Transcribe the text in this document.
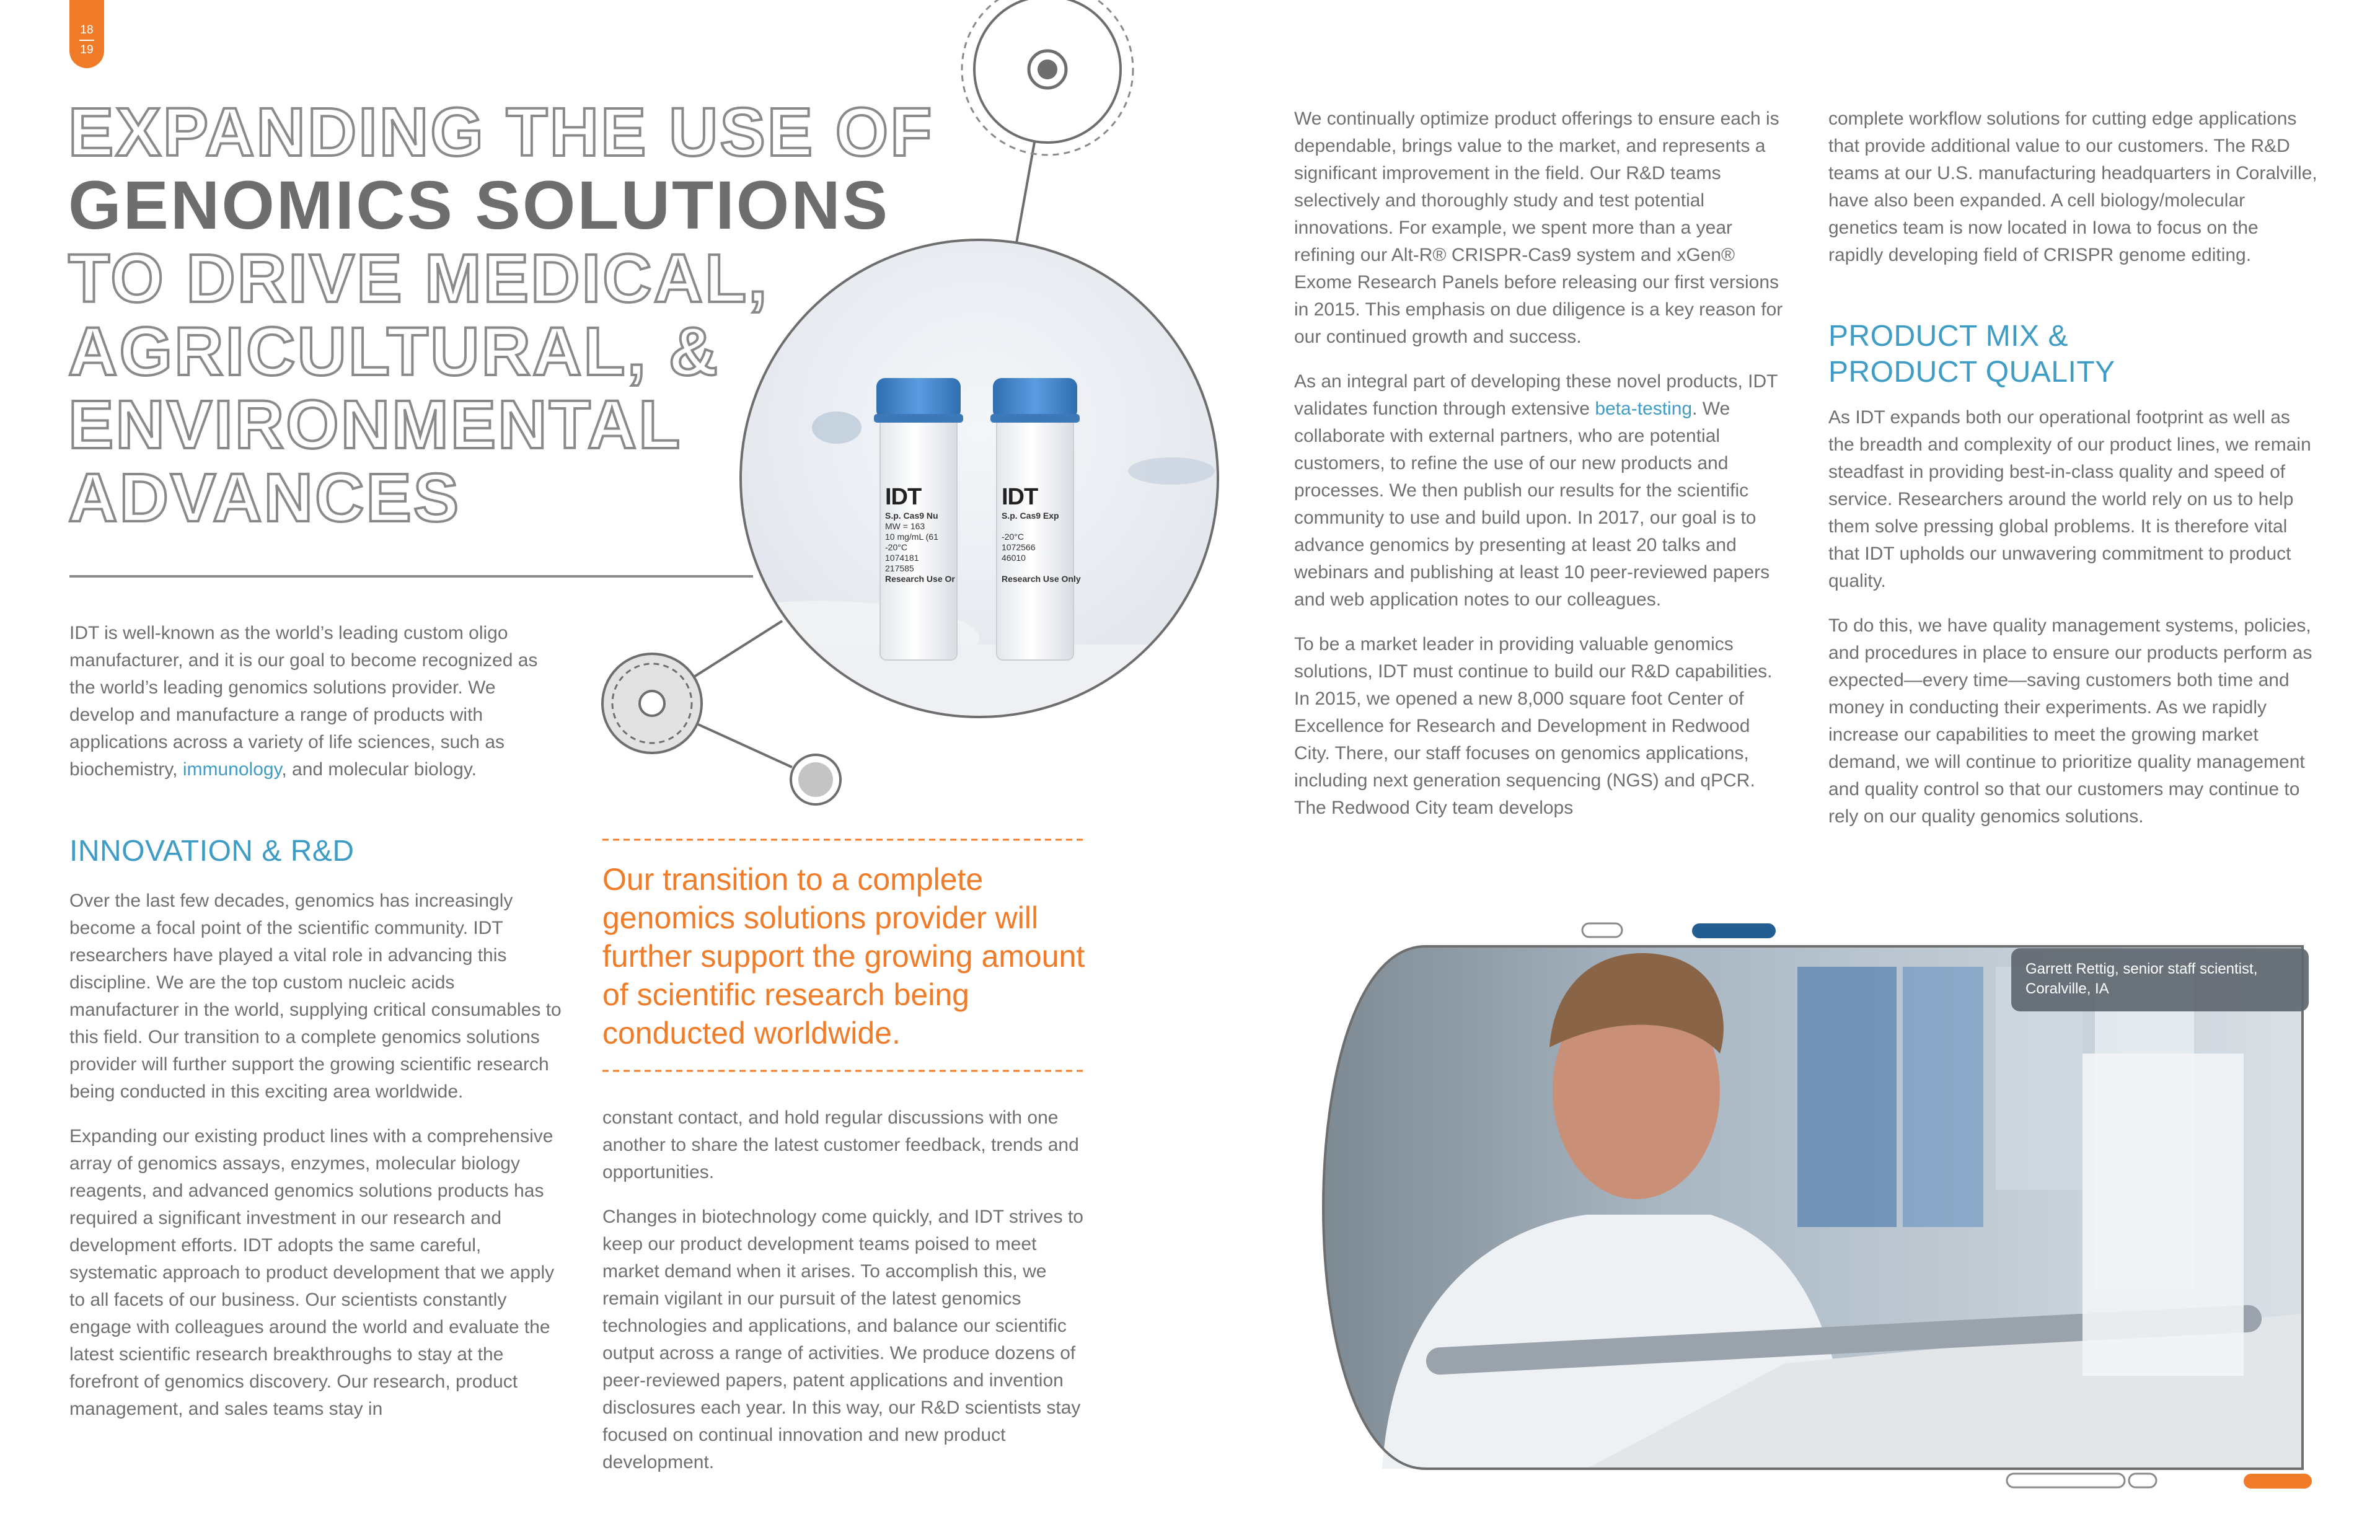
18
19
EXPANDING THE USE OF
GENOMICS SOLUTIONS
TO DRIVE MEDICAL,
AGRICULTURAL, &
ENVIRONMENTAL
ADVANCES	IDT
S.p. Cas9 Nu
MW = 163
10 mg/mL (61
-20°C
1074181
217585
Research Use Or
IDT
S.p. Cas9 Exp
-20°C
1072566
46010
Research Use Only

IDT is well-known as the world’s leading custom oligo manufacturer, and it is our goal to become recognized as the world’s leading genomics solutions provider. We develop and manufacture a range of products with applications across a variety of life sciences, such as biochemistry, immunology, and molecular biology.

INNOVATION & R&D

Over the last few decades, genomics has increasingly become a focal point of the scientific community. IDT researchers have played a vital role in advancing this discipline. We are the top custom nucleic acids manufacturer in the world, supplying critical consumables to this field. Our transition to a complete genomics solutions provider will further support the growing scientific research being conducted in this exciting area worldwide.

Expanding our existing product lines with a comprehensive array of genomics assays, enzymes, molecular biology reagents, and advanced genomics solutions products has required a significant investment in our research and development efforts. IDT adopts the same careful, systematic approach to product development that we apply to all facets of our business. Our scientists constantly engage with colleagues around the world and evaluate the latest scientific research breakthroughs to stay at the forefront of genomics discovery. Our research, product management, and sales teams stay in

Our transition to a complete genomics solutions provider will further support the growing amount of scientific research being conducted worldwide.

constant contact, and hold regular discussions with one another to share the latest customer feedback, trends and opportunities.

Changes in biotechnology come quickly, and IDT strives to keep our product development teams poised to meet market demand when it arises. To accomplish this, we remain vigilant in our pursuit of the latest genomics technologies and applications, and balance our scientific output across a range of activities. We produce dozens of peer-reviewed papers, patent applications and invention disclosures each year. In this way, our R&D scientists stay focused on continual innovation and new product development.

We continually optimize product offerings to ensure each is dependable, brings value to the market, and represents a significant improvement in the field. Our R&D teams selectively and thoroughly study and test potential innovations. For example, we spent more than a year refining our Alt-R® CRISPR-Cas9 system and xGen® Exome Research Panels before releasing our first versions in 2015. This emphasis on due diligence is a key reason for our continued growth and success.

As an integral part of developing these novel products, IDT validates function through extensive beta-testing. We collaborate with external partners, who are potential customers, to refine the use of our new products and processes. We then publish our results for the scientific community to use and build upon. In 2017, our goal is to advance genomics by presenting at least 20 talks and webinars and publishing at least 10 peer-reviewed papers and web application notes to our colleagues.

To be a market leader in providing valuable genomics solutions, IDT must continue to build our R&D capabilities. In 2015, we opened a new 8,000 square foot Center of Excellence for Research and Development in Redwood City. There, our staff focuses on genomics applications, including next generation sequencing (NGS) and qPCR. The Redwood City team develops

complete workflow solutions for cutting edge applications that provide additional value to our customers. The R&D teams at our U.S. manufacturing headquarters in Coralville, have also been expanded. A cell biology/molecular genetics team is now located in Iowa to focus on the rapidly developing field of CRISPR genome editing.

PRODUCT MIX &
PRODUCT QUALITY

As IDT expands both our operational footprint as well as the breadth and complexity of our product lines, we remain steadfast in providing best-in-class quality and speed of service. Researchers around the world rely on us to help them solve pressing global problems. It is therefore vital that IDT upholds our unwavering commitment to product quality.

To do this, we have quality management systems, policies, and procedures in place to ensure our products perform as expected—every time—saving customers both time and money in conducting their experiments. As we rapidly increase our capabilities to meet the growing market demand, we will continue to prioritize quality management and quality control so that our customers may continue to rely on our quality genomics solutions.

Garrett Rettig, senior staff scientist,
Coralville, IA
